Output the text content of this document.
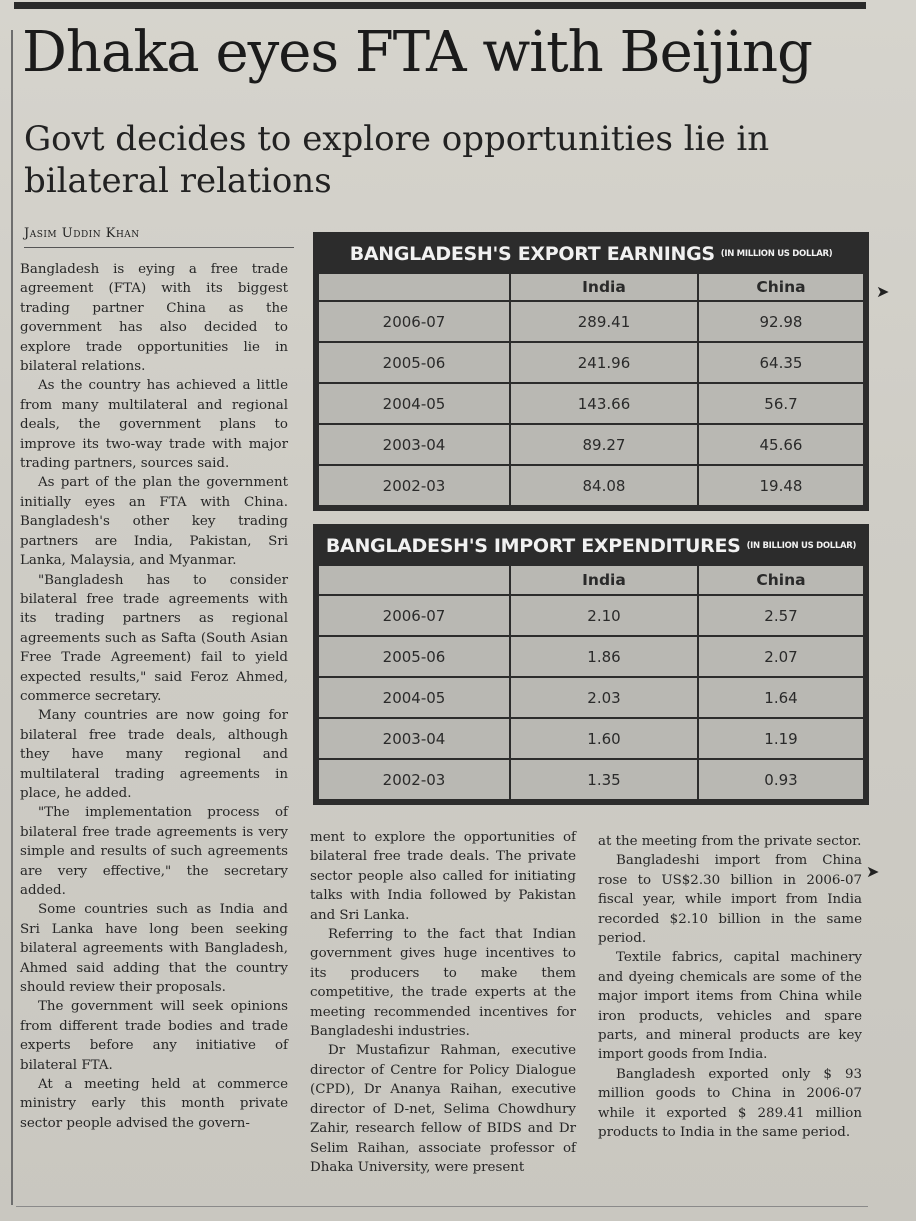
Dhaka eyes FTA with Beijing
Govt decides to explore opportunities lie in bilateral relations
Jasim Uddin Khan

Bangladesh is eying a free trade agreement (FTA) with its biggest trading partner China as the government has also decided to explore trade opportunities lie in bilateral relations.

As the country has achieved a little from many multilateral and regional deals, the government plans to improve its two-way trade with major trading partners, sources said.

As part of the plan the government initially eyes an FTA with China. Bangladesh's other key trading partners are India, Pakistan, Sri Lanka, Malaysia, and Myanmar.

"Bangladesh has to consider bilateral free trade agreements with its trading partners as regional agreements such as Safta (South Asian Free Trade Agreement) fail to yield expected results," said Feroz Ahmed, commerce secretary.

Many countries are now going for bilateral free trade deals, although they have many regional and multilateral trading agreements in place, he added.

"The implementation process of bilateral free trade agreements is very simple and results of such agreements are very effective," the secretary added.

Some countries such as India and Sri Lanka have long been seeking bilateral agreements with Bangladesh, Ahmed said adding that the country should review their proposals.

The government will seek opinions from different trade bodies and trade experts before any initiative of bilateral FTA.

At a meeting held at commerce ministry early this month private sector people advised the govern-

BANGLADESH'S EXPORT EARNINGS (IN MILLION US DOLLAR)
	India	China
2006-07	289.41	92.98
2005-06	241.96	64.35
2004-05	143.66	56.7
2003-04	89.27	45.66
2002-03	84.08	19.48
BANGLADESH'S IMPORT EXPENDITURES (IN BILLION US DOLLAR)
	India	China
2006-07	2.10	2.57
2005-06	1.86	2.07
2004-05	2.03	1.64
2003-04	1.60	1.19
2002-03	1.35	0.93

ment to explore the opportunities of bilateral free trade deals. The private sector people also called for initiating talks with India followed by Pakistan and Sri Lanka.

Referring to the fact that Indian government gives huge incentives to its producers to make them competitive, the trade experts at the meeting recommended incentives for Bangladeshi industries.

Dr Mustafizur Rahman, executive director of Centre for Policy Dialogue (CPD), Dr Ananya Raihan, executive director of D-net, Selima Chowdhury Zahir, research fellow of BIDS and Dr Selim Raihan, associate professor of Dhaka University, were present

at the meeting from the private sector.

Bangladeshi import from China rose to US$2.30 billion in 2006-07 fiscal year, while import from India recorded $2.10 billion in the same period.

Textile fabrics, capital machinery and dyeing chemicals are some of the major import items from China while iron products, vehicles and spare parts, and mineral products are key import goods from India.

Bangladesh exported only $ 93 million goods to China in 2006-07 while it exported $ 289.41 million products to India in the same period.

➤
➤
